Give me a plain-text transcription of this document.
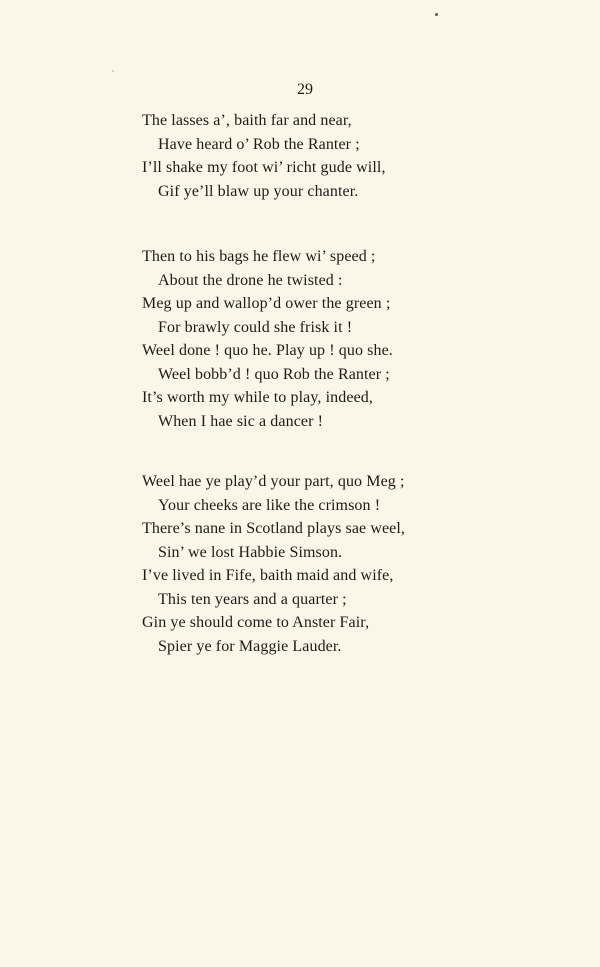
29
The lasses a’, baith far and near,
Have heard o’ Rob the Ranter ;
I’ll shake my foot wi’ richt gude will,
Gif ye’ll blaw up your chanter.
Then to his bags he flew wi’ speed ;
About the drone he twisted :
Meg up and wallop’d ower the green ;
For brawly could she frisk it !
Weel done ! quo he. Play up ! quo she.
Weel bobb’d ! quo Rob the Ranter ;
It’s worth my while to play, indeed,
When I hae sic a dancer !
Weel hae ye play’d your part, quo Meg ;
Your cheeks are like the crimson !
There’s nane in Scotland plays sae weel,
Sin’ we lost Habbie Simson.
I’ve lived in Fife, baith maid and wife,
This ten years and a quarter ;
Gin ye should come to Anster Fair,
Spier ye for Maggie Lauder.
